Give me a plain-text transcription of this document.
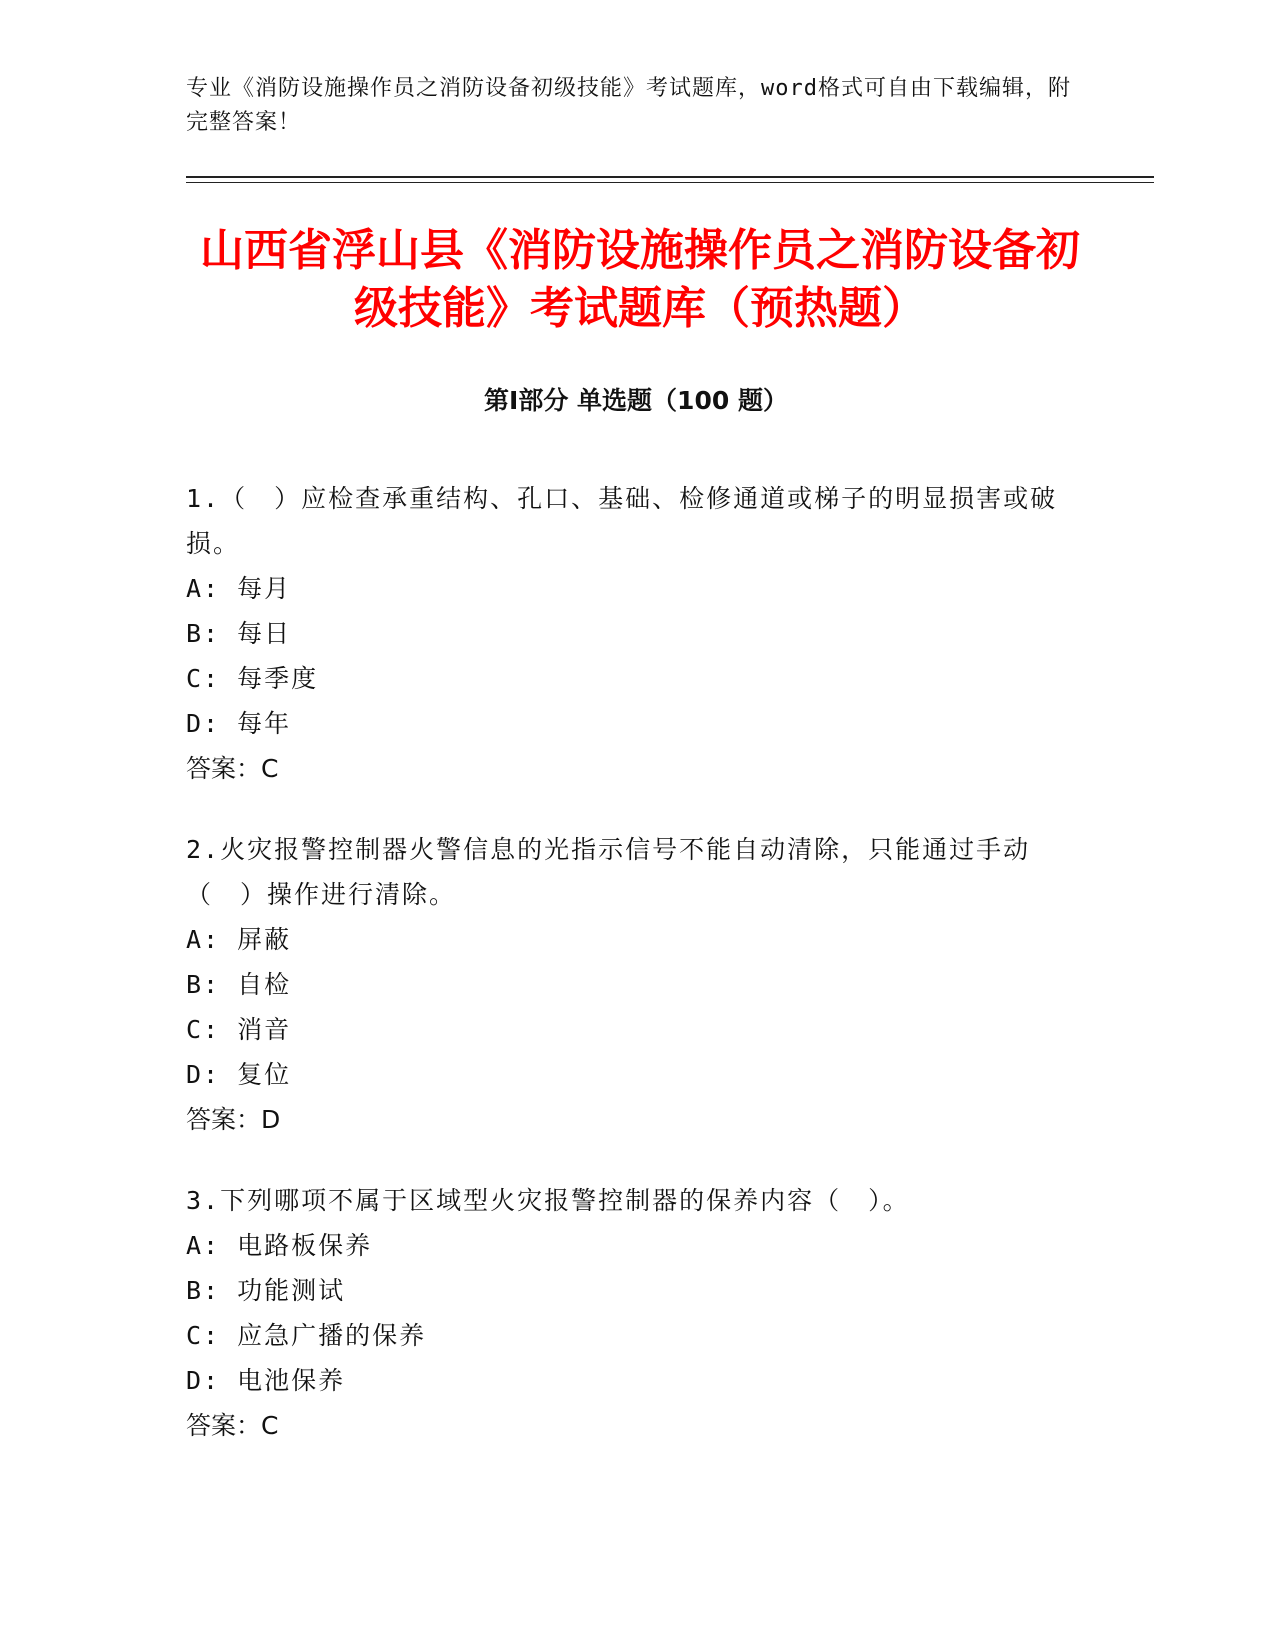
专业《消防设施操作员之消防设备初级技能》考试题库，word格式可自由下载编辑，附完整答案！
山西省浮山县《消防设施操作员之消防设备初级技能》考试题库（预热题）
第Ⅰ部分 单选题（100 题）

1.（　）应检查承重结构、孔口、基础、检修通道或梯子的明显损害或破损。

A: 每月

B: 每日

C: 每季度

D: 每年

答案：C

2.火灾报警控制器火警信息的光指示信号不能自动清除，只能通过手动（　）操作进行清除。

A: 屏蔽

B: 自检

C: 消音

D: 复位

答案：D

3.下列哪项不属于区域型火灾报警控制器的保养内容（　）。

A: 电路板保养

B: 功能测试

C: 应急广播的保养

D: 电池保养

答案：C
